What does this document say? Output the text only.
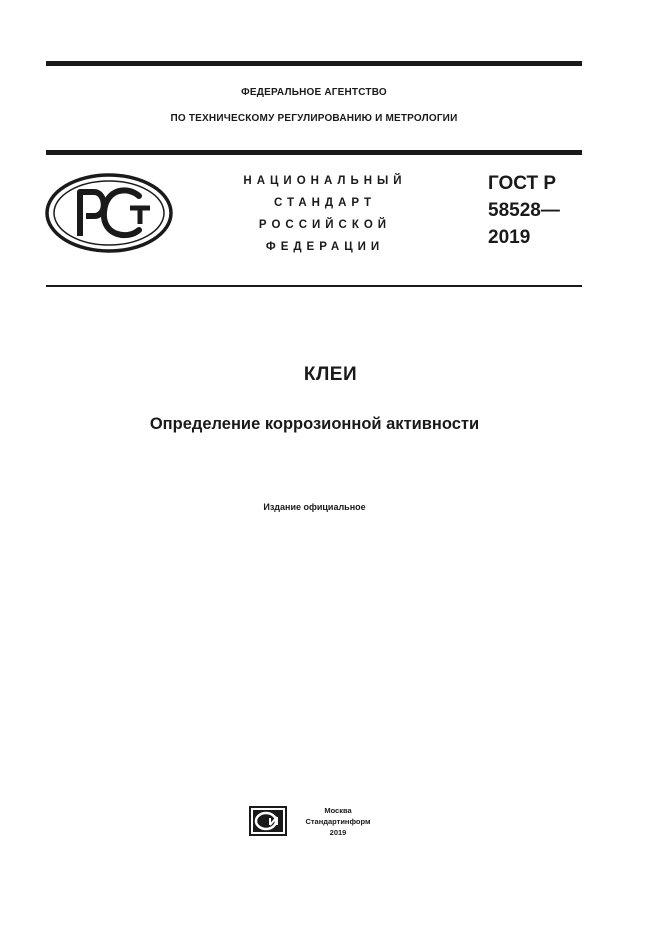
ФЕДЕРАЛЬНОЕ АГЕНТСТВО
ПО ТЕХНИЧЕСКОМУ РЕГУЛИРОВАНИЮ И МЕТРОЛОГИИ
НАЦИОНАЛЬНЫЙ
СТАНДАРТ
РОССИЙСКОЙ
ФЕДЕРАЦИИ
ГОСТ Р
58528—
2019
КЛЕИ
Определение коррозионной активности
Издание официальное
Москва
Стандартинформ
2019
